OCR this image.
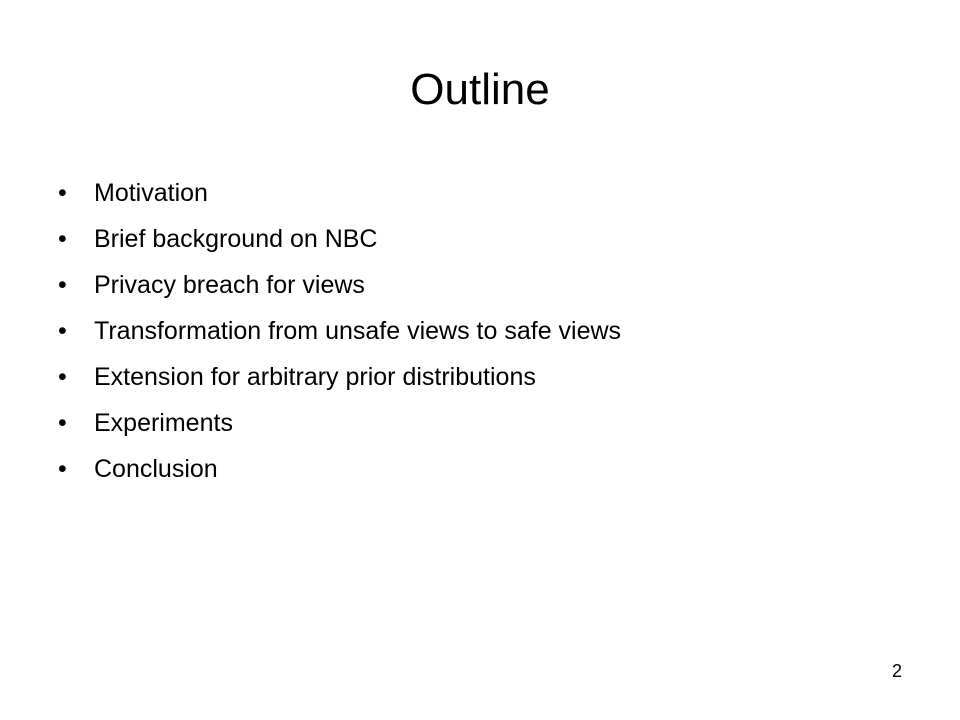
Outline
•	Motivation
•	Brief background on NBC
•	Privacy breach for views
•	Transformation from unsafe views to safe views
•	Extension for arbitrary prior distributions
•	Experiments
•	Conclusion
2
